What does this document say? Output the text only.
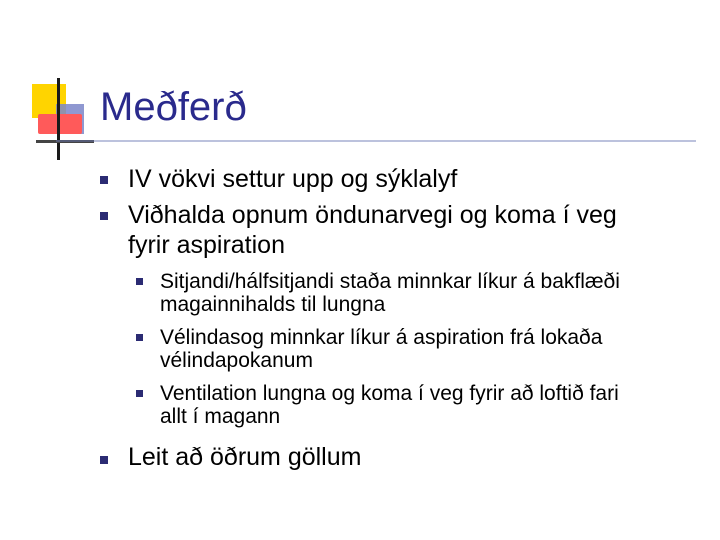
Meðferð
IV vökvi settur upp og sýklalyf
Viðhalda opnum öndunarvegi og koma í veg
fyrir aspiration
Sitjandi/hálfsitjandi staða minnkar líkur á bakflæði
magainnihalds til lungna
Vélindasog minnkar líkur á aspiration frá lokaða
vélindapokanum
Ventilation lungna og koma í veg fyrir að loftið fari
allt í magann
Leit að öðrum göllum
